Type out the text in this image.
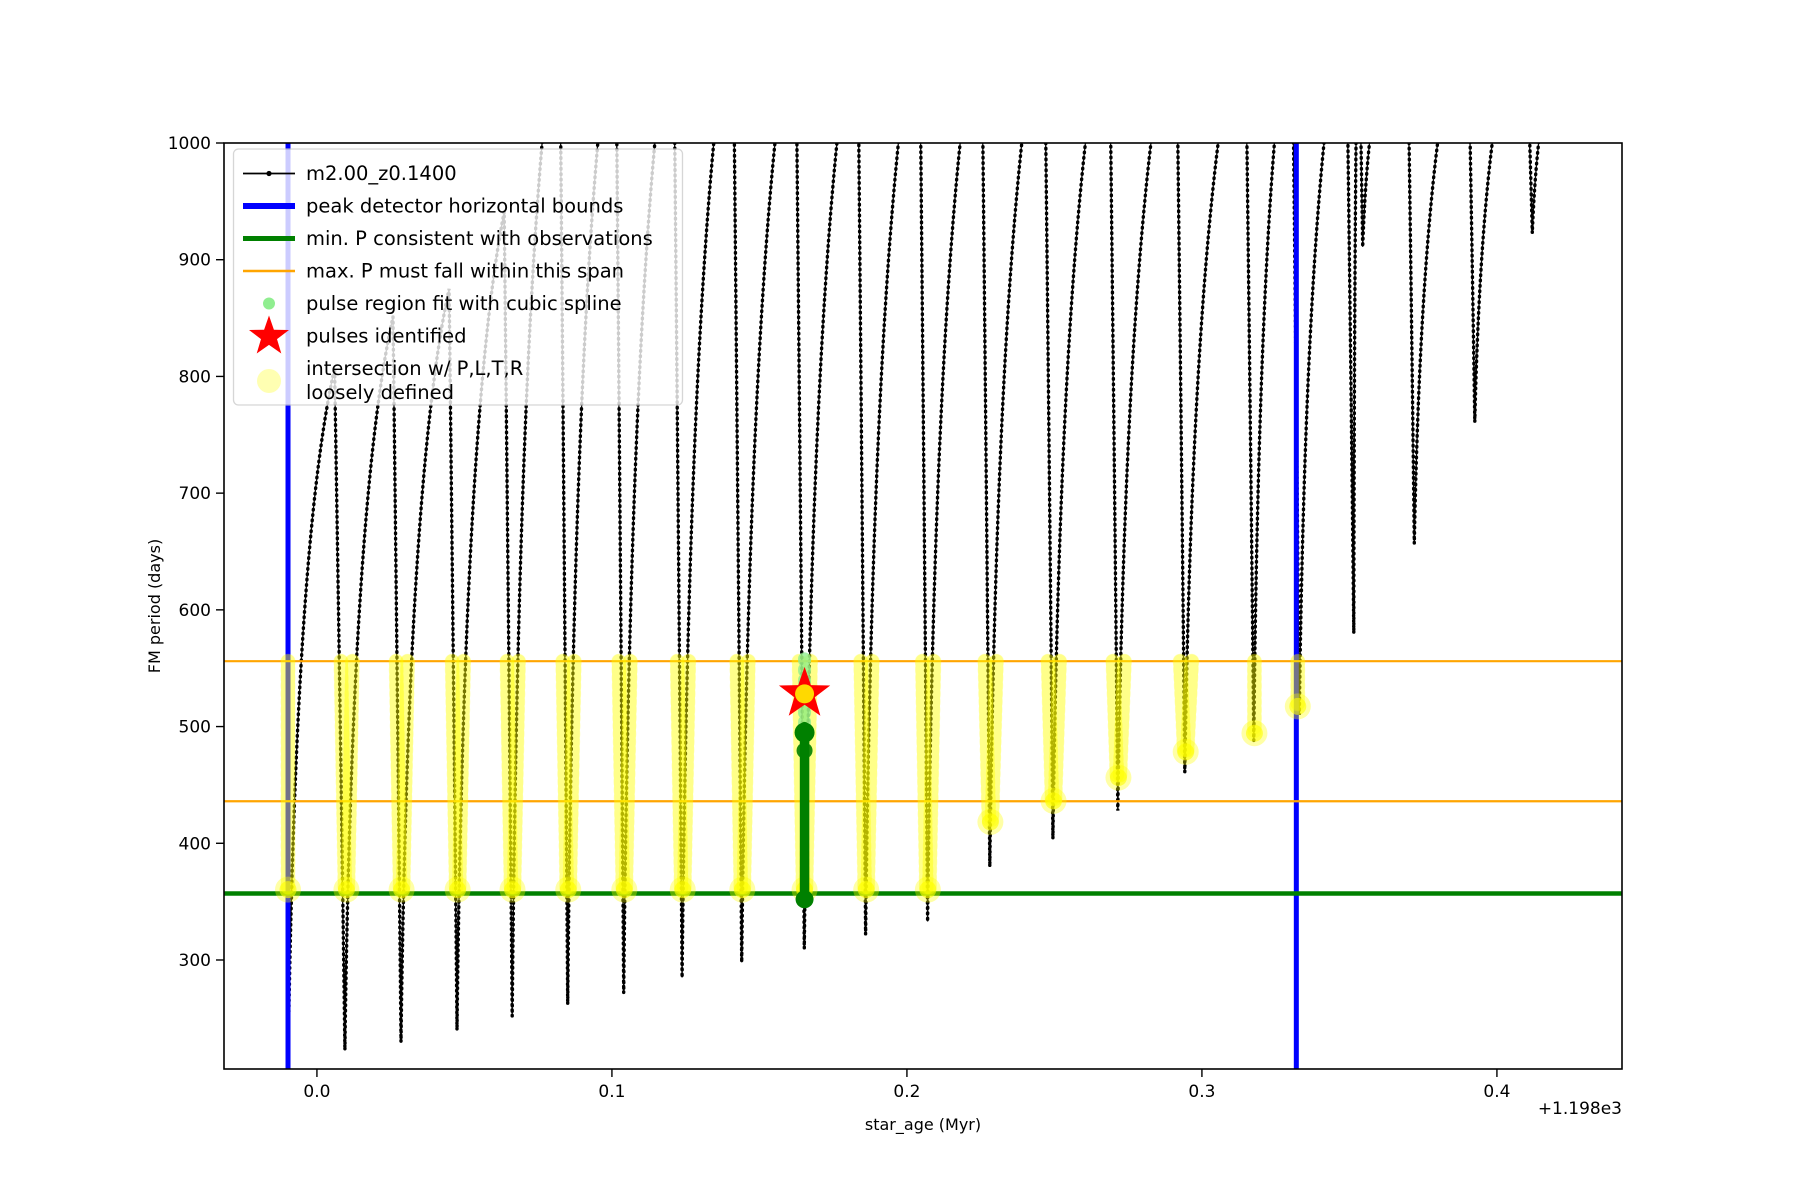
0.0	0.1	0.2	0.3	0.4
300
400
500
600
700
800
900
1000
star_age (Myr)
+1.198e3
FM period (days)
m2.00_z0.1400
peak detector horizontal bounds
min. P consistent with observations
max. P must fall within this span
pulse region fit with cubic spline
pulses identified
intersection w/ P,L,T,R
loosely defined
